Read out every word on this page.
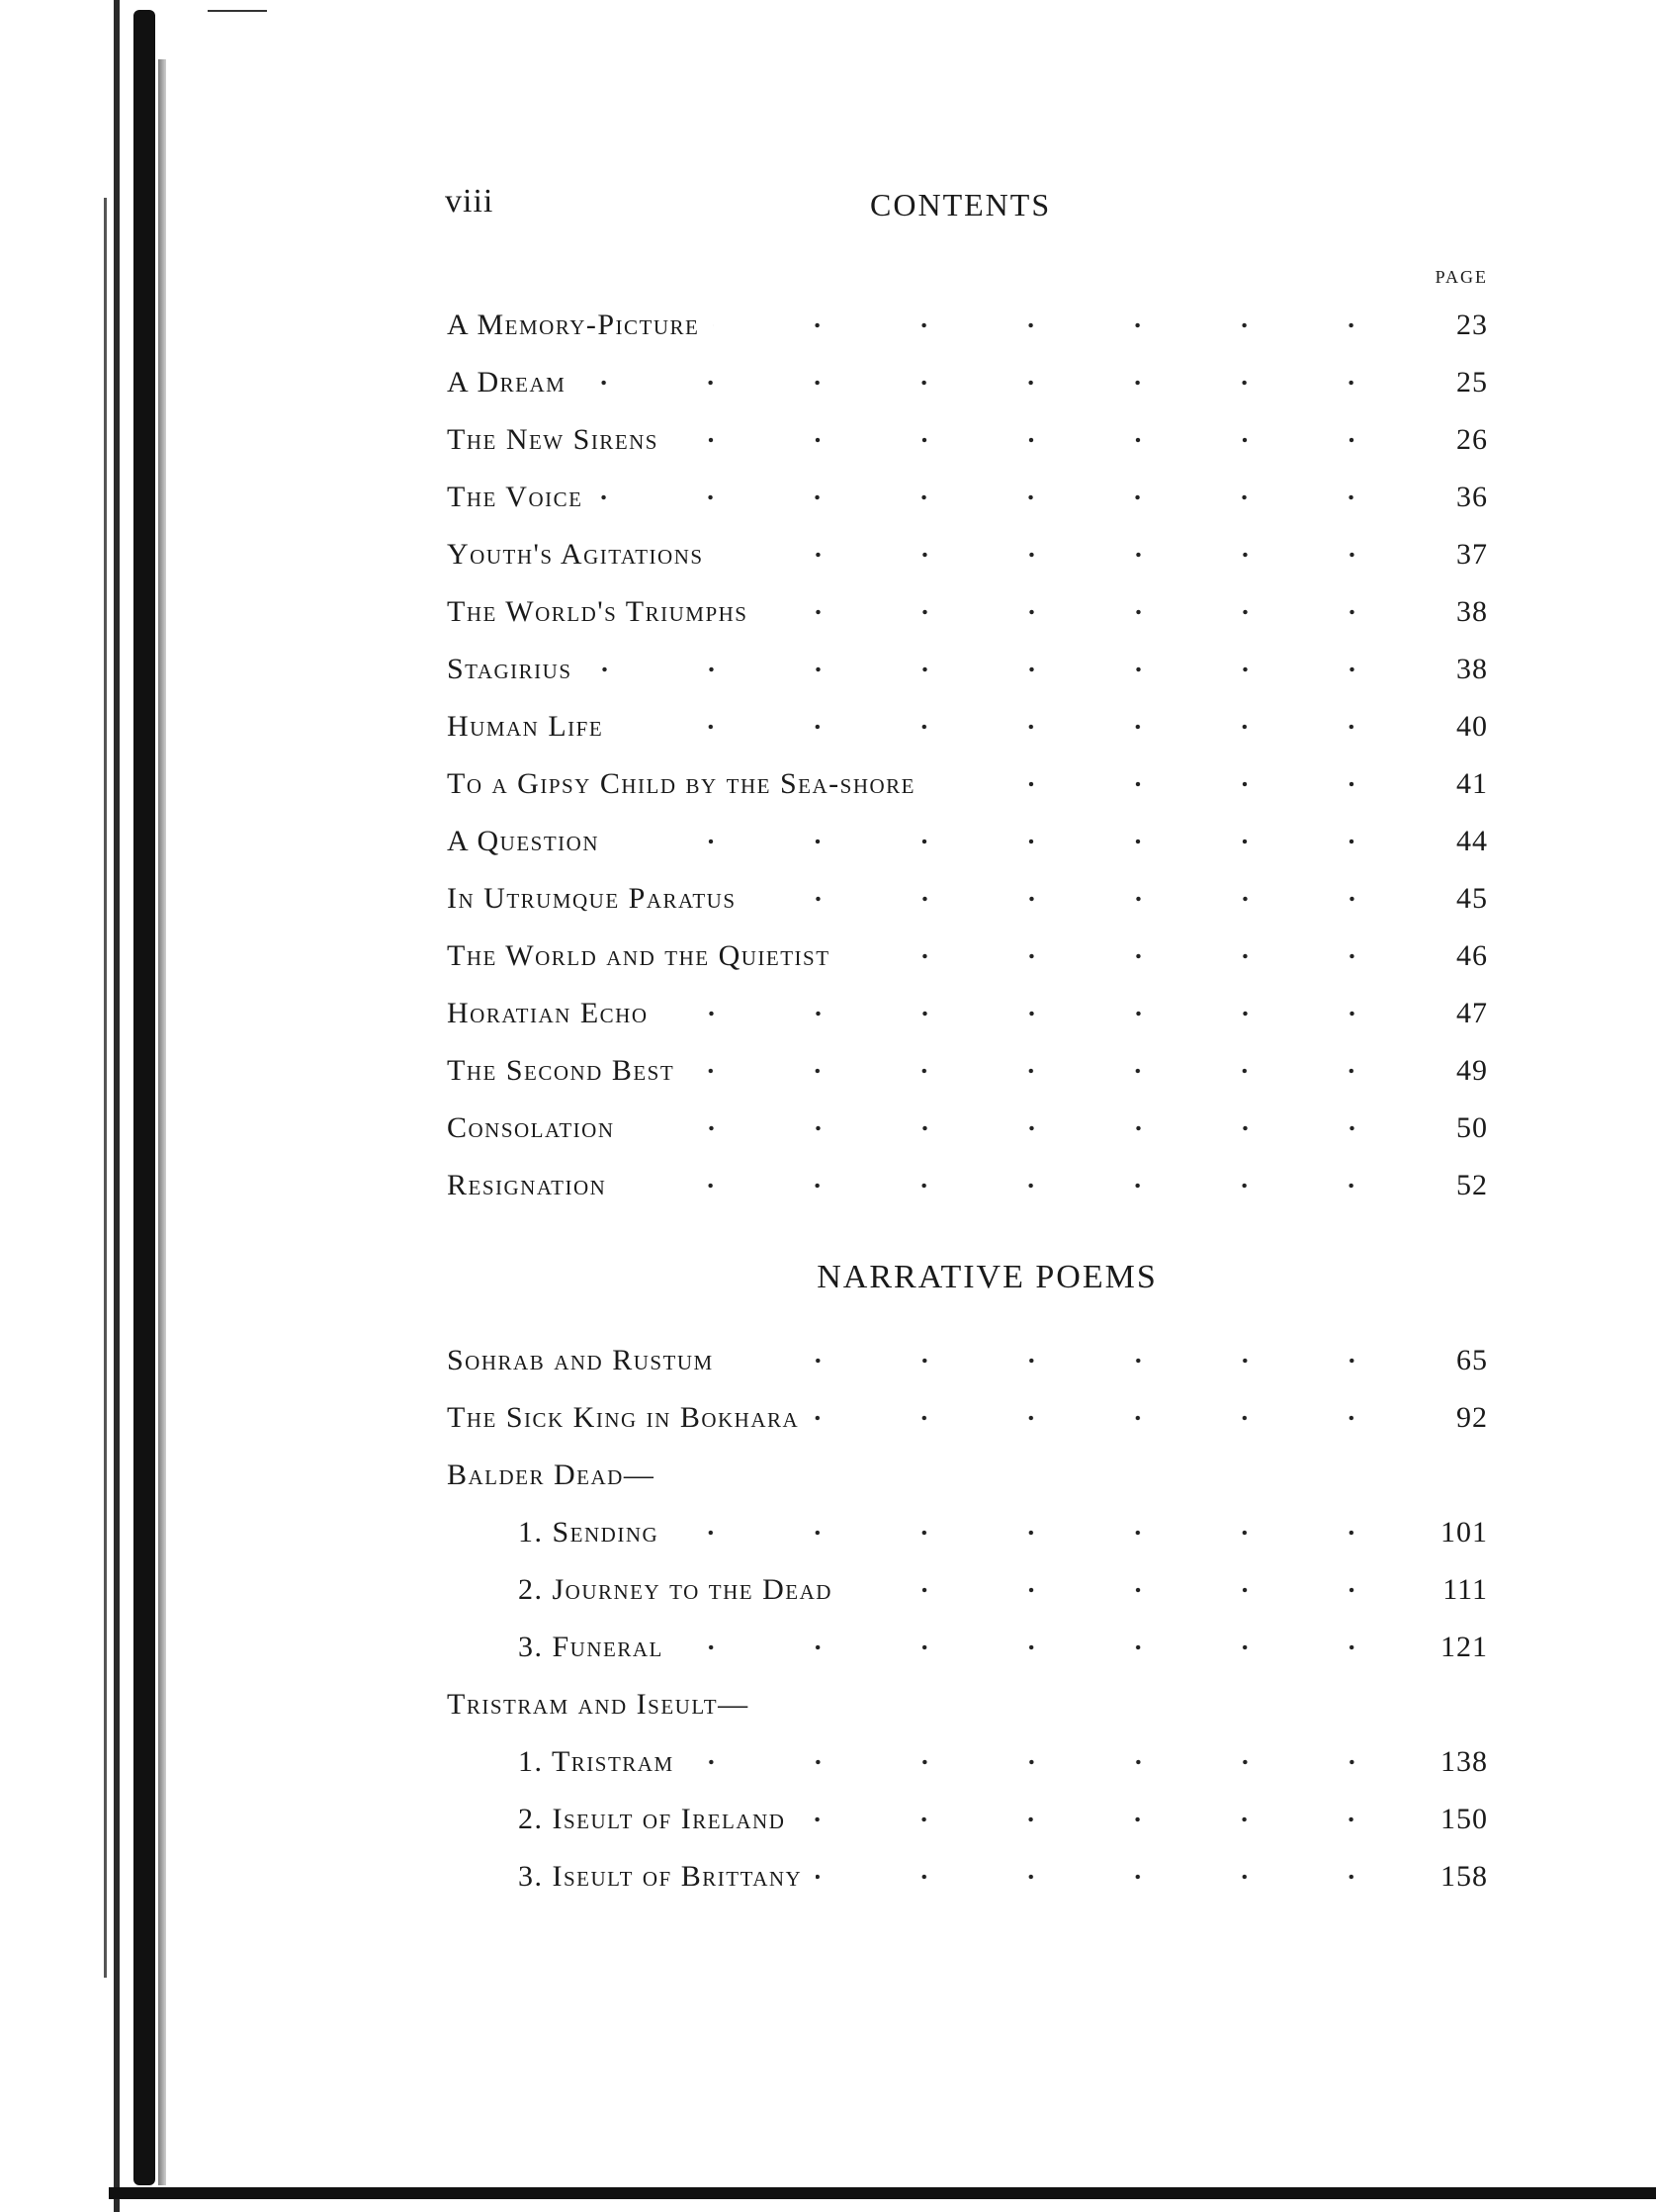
viii	CONTENTS
PAGE
A Memory-Picture	23
A Dream	25
The New Sirens	26
The Voice	36
Youth's Agitations	37
The World's Triumphs	38
Stagirius	38
Human Life	40
To a Gipsy Child by the Sea-shore	41
A Question	44
In Utrumque Paratus	45
The World and the Quietist	46
Horatian Echo	47
The Second Best	49
Consolation	50
Resignation	52
NARRATIVE POEMS
Sohrab and Rustum	65
The Sick King in Bokhara	92
Balder Dead—
1. Sending	101
2. Journey to the Dead	111
3. Funeral	121
Tristram and Iseult—
1. Tristram	138
2. Iseult of Ireland	150
3. Iseult of Brittany	158
